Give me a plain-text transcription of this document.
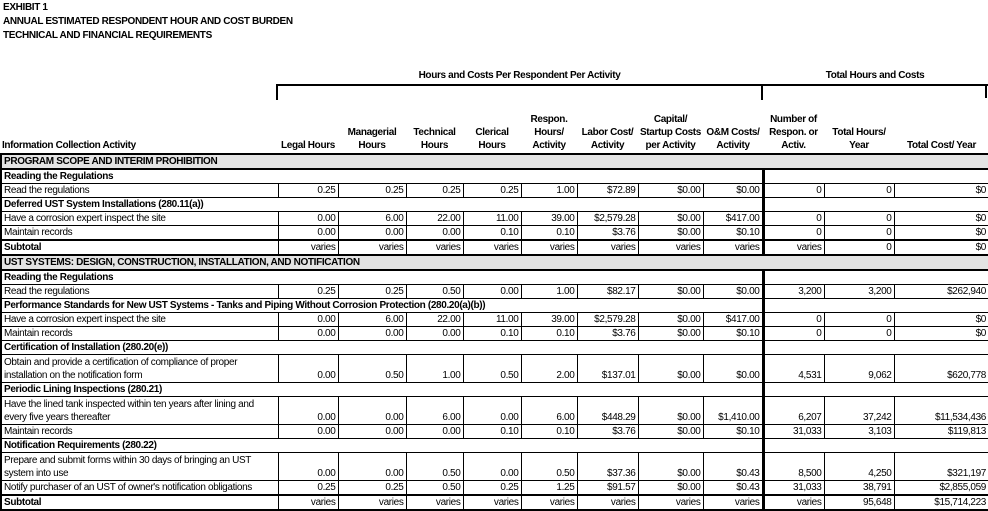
EXHIBIT 1
ANNUAL ESTIMATED RESPONDENT HOUR AND COST BURDEN
TECHNICAL AND FINANCIAL REQUIREMENTS
Hours and Costs Per Respondent Per Activity	Total Hours and Costs
Information Collection Activity	Legal Hours	Managerial Hours	Technical Hours	Clerical Hours	Respon. Hours/ Activity	Labor Cost/ Activity	Capital/ Startup Costs per Activity	O&M Costs/ Activity	Number of Respon. or Activ.	Total Hours/ Year	Total Cost/ Year
PROGRAM SCOPE AND INTERIM PROHIBITION											
Reading the Regulations											
Read the regulations	0.25	0.25	0.25	0.25	1.00	$72.89	$0.00	$0.00	0	0	$0
Deferred UST System Installations (280.11(a))											
Have a corrosion expert inspect the site	0.00	6.00	22.00	11.00	39.00	$2,579.28	$0.00	$417.00	0	0	$0
Maintain records	0.00	0.00	0.00	0.10	0.10	$3.76	$0.00	$0.10	0	0	$0
Subtotal	varies	varies	varies	varies	varies	varies	varies	varies	varies	0	$0
UST SYSTEMS: DESIGN, CONSTRUCTION, INSTALLATION, AND NOTIFICATION											
Reading the Regulations											
Read the regulations	0.25	0.25	0.50	0.00	1.00	$82.17	$0.00	$0.00	3,200	3,200	$262,940
Performance Standards for New UST Systems - Tanks and Piping Without Corrosion Protection (280.20(a)(b))											
Have a corrosion expert inspect the site	0.00	6.00	22.00	11.00	39.00	$2,579.28	$0.00	$417.00	0	0	$0
Maintain records	0.00	0.00	0.00	0.10	0.10	$3.76	$0.00	$0.10	0	0	$0
Certification of Installation (280.20(e))											
Obtain and provide a certification of compliance of proper installation on the notification form	0.00	0.50	1.00	0.50	2.00	$137.01	$0.00	$0.00	4,531	9,062	$620,778
Periodic Lining Inspections (280.21)											
Have the lined tank inspected within ten years after lining and every five years thereafter	0.00	0.00	6.00	0.00	6.00	$448.29	$0.00	$1,410.00	6,207	37,242	$11,534,436
Maintain records	0.00	0.00	0.00	0.10	0.10	$3.76	$0.00	$0.10	31,033	3,103	$119,813
Notification Requirements (280.22)											
Prepare and submit forms within 30 days of bringing an UST system into use	0.00	0.00	0.50	0.00	0.50	$37.36	$0.00	$0.43	8,500	4,250	$321,197
Notify purchaser of an UST of owner's notification obligations	0.25	0.25	0.50	0.25	1.25	$91.57	$0.00	$0.43	31,033	38,791	$2,855,059
Subtotal	varies	varies	varies	varies	varies	varies	varies	varies	varies	95,648	$15,714,223
